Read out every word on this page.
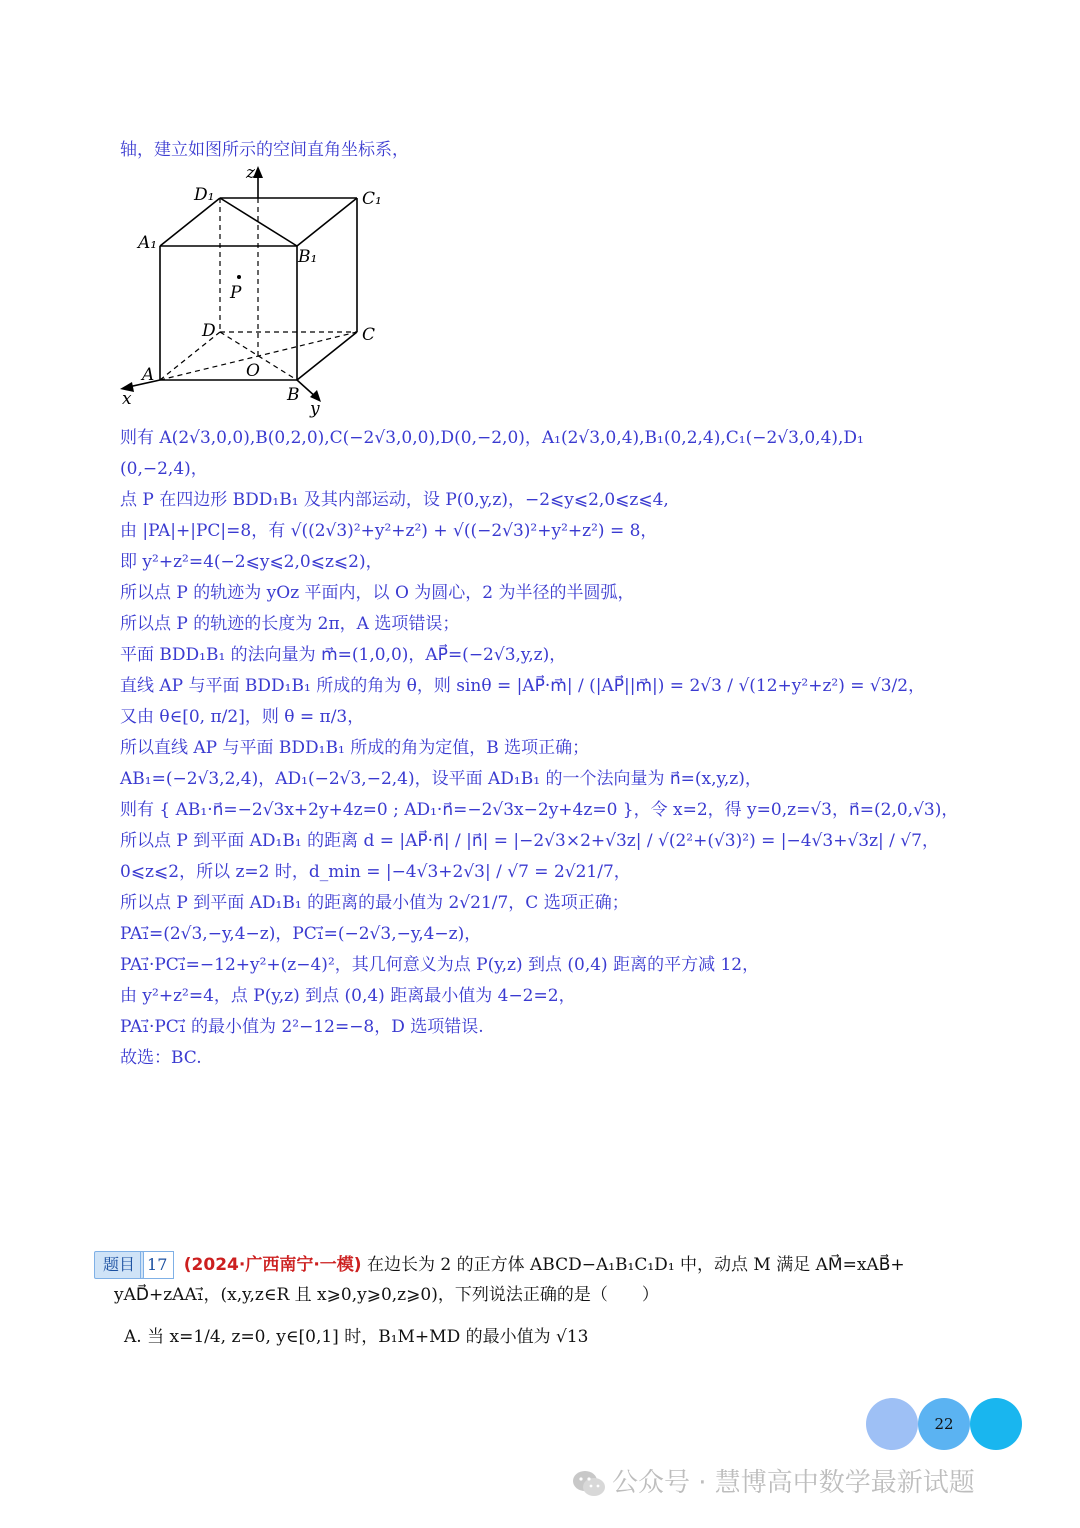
轴，建立如图所示的空间直角坐标系，
z
x	y
A
B
C
D
O
P
A₁
B₁
C₁
D₁
则有 A(2√3,0,0),B(0,2,0),C(−2√3,0,0),D(0,−2,0)，A₁(2√3,0,4),B₁(0,2,4),C₁(−2√3,0,4),D₁
(0,−2,4)，
点 P 在四边形 BDD₁B₁ 及其内部运动，设 P(0,y,z)，−2⩽y⩽2,0⩽z⩽4,
由 |PA|+|PC|=8，有 √((2√3)²+y²+z²) + √((−2√3)²+y²+z²) = 8，
即 y²+z²=4(−2⩽y⩽2,0⩽z⩽2)，
所以点 P 的轨迹为 yOz 平面内，以 O 为圆心，2 为半径的半圆弧，
所以点 P 的轨迹的长度为 2π，A 选项错误；
平面 BDD₁B₁ 的法向量为 m⃗=(1,0,0)，AP⃗=(−2√3,y,z)，
直线 AP 与平面 BDD₁B₁ 所成的角为 θ，则 sinθ = |AP⃗·m⃗| / (|AP⃗||m⃗|) = 2√3 / √(12+y²+z²) = √3/2，
又由 θ∈[0, π/2]，则 θ = π/3，
所以直线 AP 与平面 BDD₁B₁ 所成的角为定值，B 选项正确；
AB₁=(−2√3,2,4)，AD₁(−2√3,−2,4)，设平面 AD₁B₁ 的一个法向量为 n⃗=(x,y,z)，
则有 { AB₁·n⃗=−2√3x+2y+4z=0 ; AD₁·n⃗=−2√3x−2y+4z=0 }，令 x=2，得 y=0,z=√3，n⃗=(2,0,√3)，
所以点 P 到平面 AD₁B₁ 的距离 d = |AP⃗·n⃗| / |n⃗| = |−2√3×2+√3z| / √(2²+(√3)²) = |−4√3+√3z| / √7，
0⩽z⩽2，所以 z=2 时，d_min = |−4√3+2√3| / √7 = 2√21/7，
所以点 P 到平面 AD₁B₁ 的距离的最小值为 2√21/7，C 选项正确；
PA₁⃗=(2√3,−y,4−z)，PC₁⃗=(−2√3,−y,4−z)，
PA₁⃗·PC₁⃗=−12+y²+(z−4)²，其几何意义为点 P(y,z) 到点 (0,4) 距离的平方减 12，
由 y²+z²=4，点 P(y,z) 到点 (0,4) 距离最小值为 4−2=2，
PA₁⃗·PC₁⃗ 的最小值为 2²−12=−8，D 选项错误.
故选：BC.
题目 17 (2024·广西南宁·一模) 在边长为 2 的正方体 ABCD−A₁B₁C₁D₁ 中，动点 M 满足 AM⃗=xAB⃗+
yAD⃗+zAA₁⃗，(x,y,z∈R 且 x⩾0,y⩾0,z⩾0)，下列说法正确的是（　　）
A. 当 x=1/4, z=0, y∈[0,1] 时，B₁M+MD 的最小值为 √13
22
公众号 · 慧博高中数学最新试题
